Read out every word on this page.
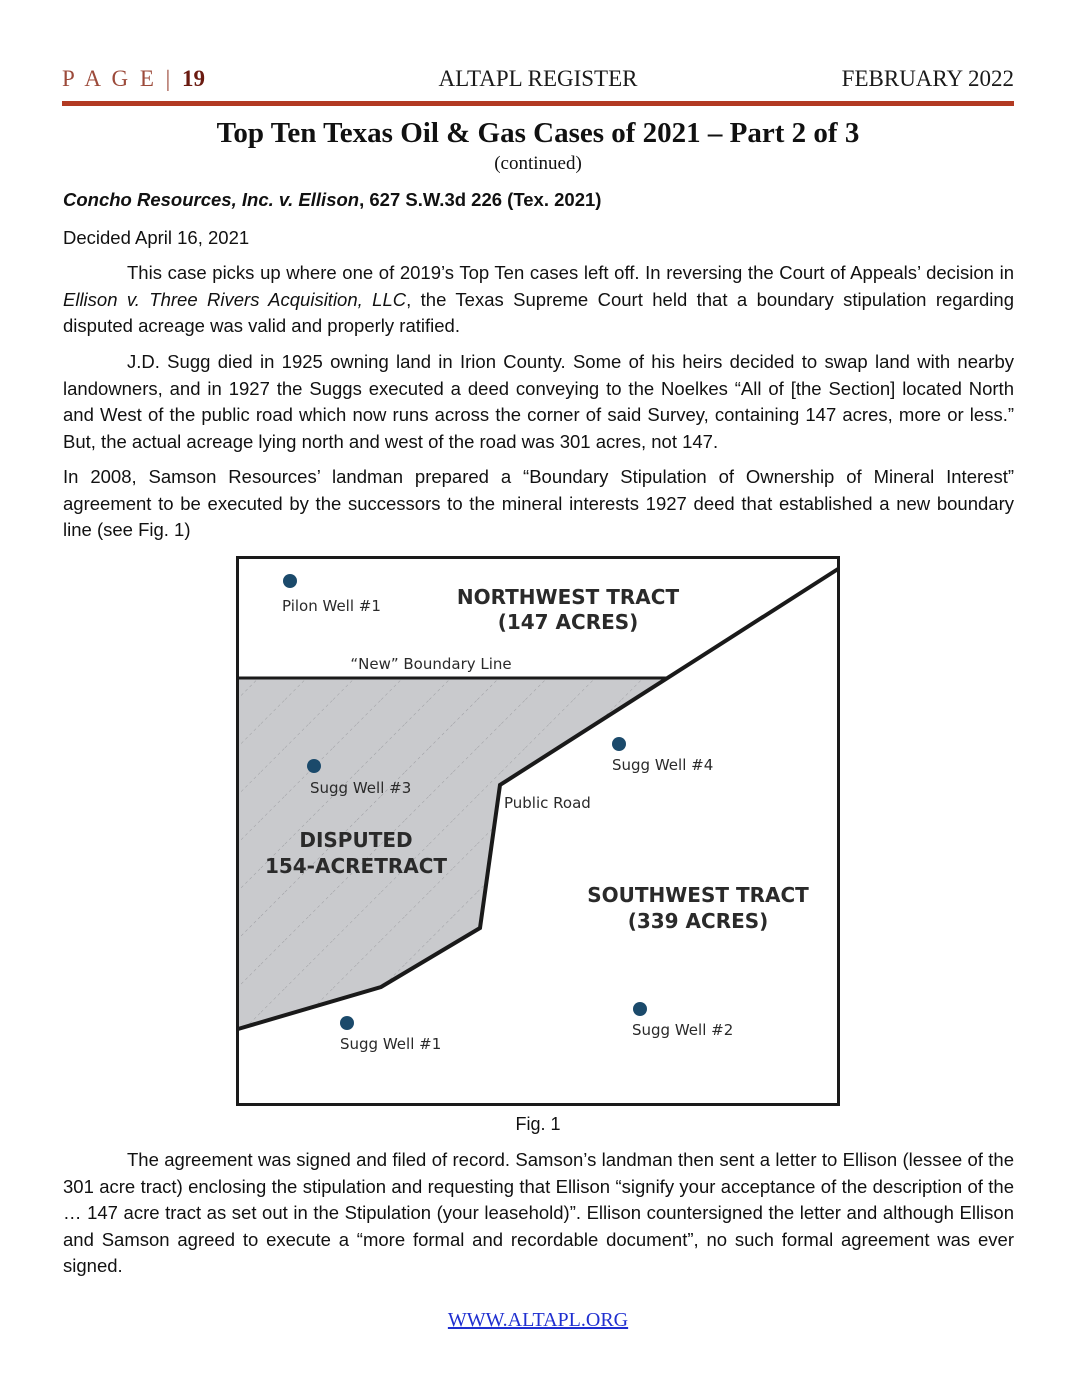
P A G E | 19	ALTAPL REGISTER	FEBRUARY 2022
Top Ten Texas Oil & Gas Cases of 2021 – Part 2 of 3
(continued)

Concho Resources, Inc. v. Ellison, 627 S.W.3d 226 (Tex. 2021)

Decided April 16, 2021

This case picks up where one of 2019’s Top Ten cases left off. In reversing the Court of Appeals’ decision in Ellison v. Three Rivers Acquisition, LLC, the Texas Supreme Court held that a boundary stipulation regarding disputed acreage was valid and properly ratified.

J.D. Sugg died in 1925 owning land in Irion County. Some of his heirs decided to swap land with nearby landowners, and in 1927 the Suggs executed a deed conveying to the Noelkes “All of [the Section] located North and West of the public road which now runs across the corner of said Survey, containing 147 acres, more or less.” But, the actual acreage lying north and west of the road was 301 acres, not 147.

In 2008, Samson Resources’ landman prepared a “Boundary Stipulation of Ownership of Mineral Interest” agreement to be executed by the successors to the mineral interests 1927 deed that established a new boundary line (see Fig. 1)

NORTHWEST TRACT
(147 ACRES)
“New” Boundary Line
DISPUTED
154-ACRETRACT
Public Road
SOUTHWEST TRACT
(339 ACRES)
Pilon Well #1
Sugg Well #3
Sugg Well #4
Sugg Well #1
Sugg Well #2
Fig. 1

The agreement was signed and filed of record. Samson’s landman then sent a letter to Ellison (lessee of the 301 acre tract) enclosing the stipulation and requesting that Ellison “signify your acceptance of the description of the … 147 acre tract as set out in the Stipulation (your leasehold)”. Ellison countersigned the letter and although Ellison and Samson agreed to execute a “more formal and recordable document”, no such formal agreement was ever signed.

WWW.ALTAPL.ORG
